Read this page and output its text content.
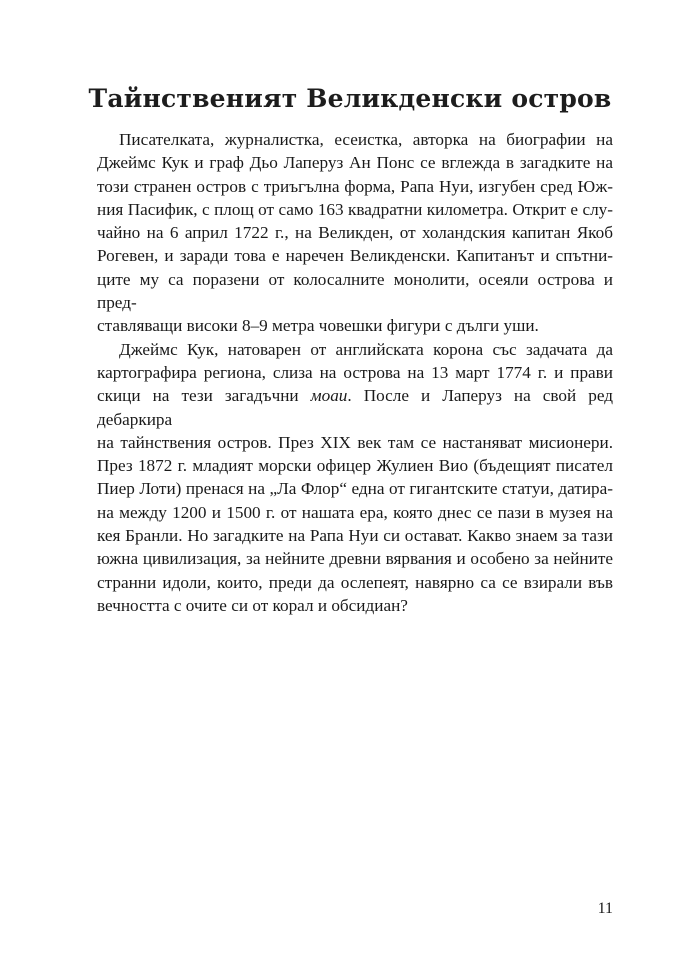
Тайнственият Великденски остров

Писателката, журналистка, есеистка, авторка на биографии на
Джеймс Кук и граф Дьо Лаперуз Ан Понс се вглежда в загадките на
този странен остров с триъгълна форма, Рапа Нуи, изгубен сред Юж-
ния Пасифик, с площ от само 163 квадратни километра. Открит е слу-
чайно на 6 април 1722 г., на Великден, от холандския капитан Якоб
Рогевен, и заради това е наречен Великденски. Капитанът и спътни-
ците му са поразени от колосалните монолити, осеяли острова и пред-
ставляващи високи 8–9 метра човешки фигури с дълги уши.

Джеймс Кук, натоварен от английската корона със задачата да
картографира региона, слиза на острова на 13 март 1774 г. и прави
скици на тези загадъчни моаи. После и Лаперуз на свой ред дебаркира
на тайнствения остров. През XIX век там се настаняват мисионери.
През 1872 г. младият морски офицер Жулиен Вио (бъдещият писател
Пиер Лоти) пренася на „Ла Флор“ една от гигантските статуи, датира-
на между 1200 и 1500 г. от нашата ера, която днес се пази в музея на
кея Бранли. Но загадките на Рапа Нуи си остават. Какво знаем за тази
южна цивилизация, за нейните древни вярвания и особено за нейните
странни идоли, които, преди да ослепеят, навярно са се взирали във
вечността с очите си от корал и обсидиан?

11
